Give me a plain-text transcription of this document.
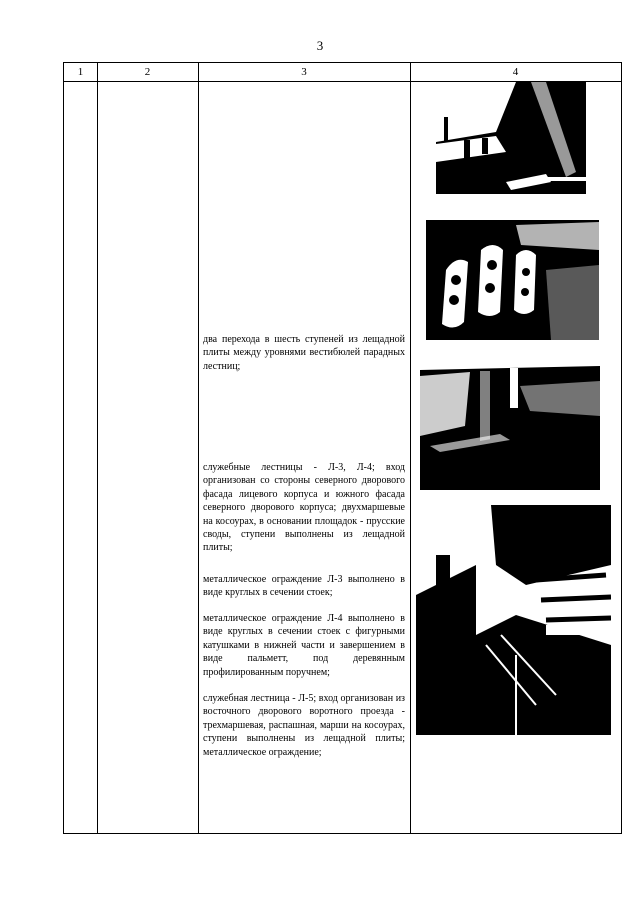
3
1	2	3	4
два перехода в шесть ступеней из лещадной плиты между уровнями вестибюлей парадных лестниц;
служебные лестницы - Л-3, Л-4; вход организован со стороны северного дворового фасада лицевого корпуса и южного фасада северного дворового корпуса; двухмаршевые на косоурах, в основании площадок - прусские своды, ступени выполнены из лещадной плиты;
металлическое ограждение Л-3 выполнено в виде круглых в сечении стоек;
металлическое ограждение Л-4 выполнено в виде круглых в сечении стоек с фигурными катушками в нижней части и завершением в виде пальметт, под деревянным профилированным поручнем;
служебная лестница - Л-5; вход организован из восточного дворового воротного проезда - трехмаршевая, распашная, марши на косоурах, ступени выполнены из лещадной плиты; металлическое ограждение;
